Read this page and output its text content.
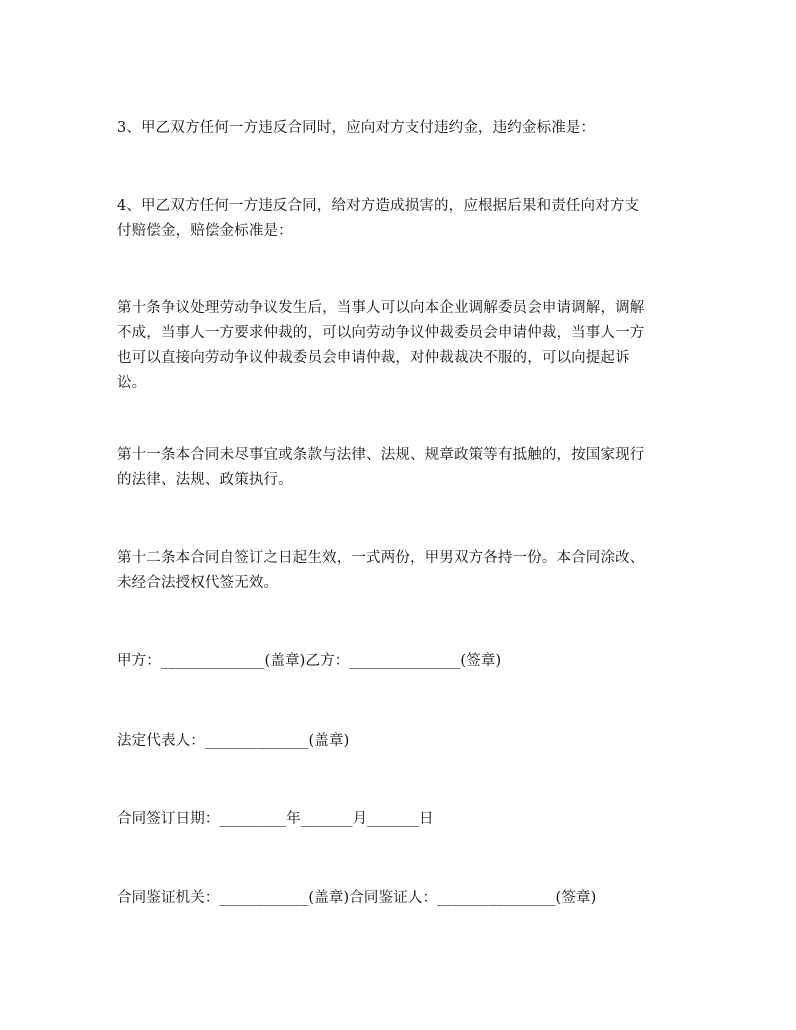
3、甲乙双方任何一方违反合同时，应向对方支付违约金，违约金标准是：

4、甲乙双方任何一方违反合同，给对方造成损害的，应根据后果和责任向对方支
付赔偿金，赔偿金标准是：

第十条争议处理劳动争议发生后，当事人可以向本企业调解委员会申请调解，调解
不成，当事人一方要求仲裁的，可以向劳动争议仲裁委员会申请仲裁，当事人一方
也可以直接向劳动争议仲裁委员会申请仲裁，对仲裁裁决不服的，可以向提起诉
讼。

第十一条本合同未尽事宜或条款与法律、法规、规章政策等有抵触的，按国家现行
的法律、法规、政策执行。

第十二条本合同自签订之日起生效，一式两份，甲男双方各持一份。本合同涂改、
未经合法授权代签无效。

甲方：______________(盖章)乙方：_______________(签章)

法定代表人：______________(盖章)

合同签订日期：_________年_______月_______日

合同鉴证机关：____________(盖章)合同鉴证人：________________(签章)
